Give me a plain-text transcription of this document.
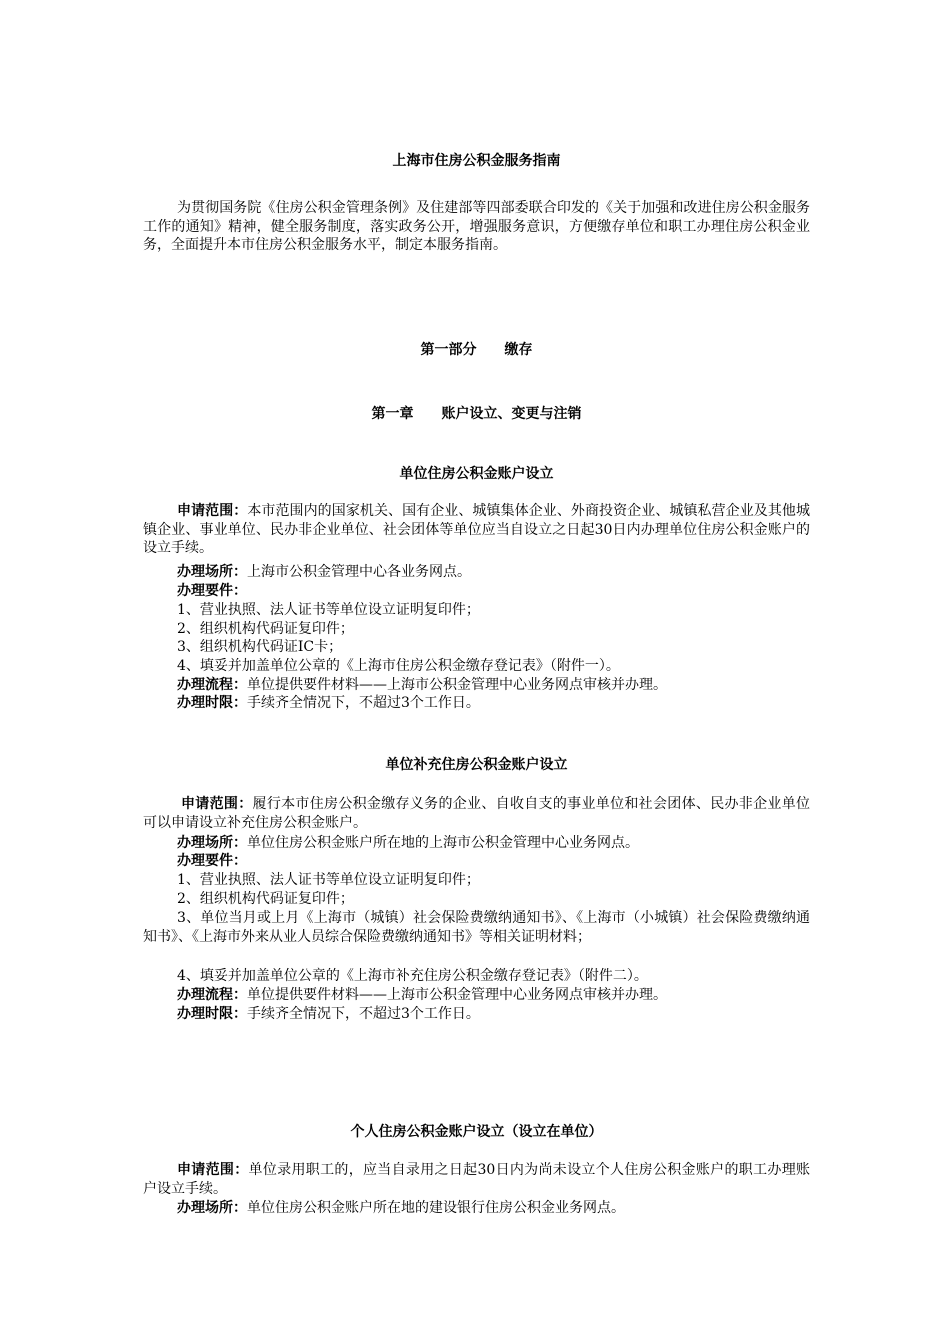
上海市住房公积金服务指南
为贯彻国务院《住房公积金管理条例》及住建部等四部委联合印发的《关于加强和改进住房公积金服务工作的通知》精神，健全服务制度，落实政务公开，增强服务意识，方便缴存单位和职工办理住房公积金业务，全面提升本市住房公积金服务水平，制定本服务指南。
第一部分 缴存
第一章 账户设立、变更与注销
单位住房公积金账户设立
申请范围：本市范围内的国家机关、国有企业、城镇集体企业、外商投资企业、城镇私营企业及其他城镇企业、事业单位、民办非企业单位、社会团体等单位应当自设立之日起30日内办理单位住房公积金账户的设立手续。
办理场所：上海市公积金管理中心各业务网点。
办理要件：
1、营业执照、法人证书等单位设立证明复印件；
2、组织机构代码证复印件；
3、组织机构代码证IC卡；
4、填妥并加盖单位公章的《上海市住房公积金缴存登记表》（附件一）。
办理流程：单位提供要件材料——上海市公积金管理中心业务网点审核并办理。
办理时限：手续齐全情况下，不超过3个工作日。
单位补充住房公积金账户设立
申请范围：履行本市住房公积金缴存义务的企业、自收自支的事业单位和社会团体、民办非企业单位可以申请设立补充住房公积金账户。
办理场所：单位住房公积金账户所在地的上海市公积金管理中心业务网点。
办理要件：
1、营业执照、法人证书等单位设立证明复印件；
2、组织机构代码证复印件；
3、单位当月或上月《上海市（城镇）社会保险费缴纳通知书》、《上海市（小城镇）社会保险费缴纳通知书》、《上海市外来从业人员综合保险费缴纳通知书》等相关证明材料；
4、填妥并加盖单位公章的《上海市补充住房公积金缴存登记表》（附件二）。
办理流程：单位提供要件材料——上海市公积金管理中心业务网点审核并办理。
办理时限：手续齐全情况下，不超过3个工作日。
个人住房公积金账户设立（设立在单位）
申请范围：单位录用职工的，应当自录用之日起30日内为尚未设立个人住房公积金账户的职工办理账户设立手续。
办理场所：单位住房公积金账户所在地的建设银行住房公积金业务网点。
